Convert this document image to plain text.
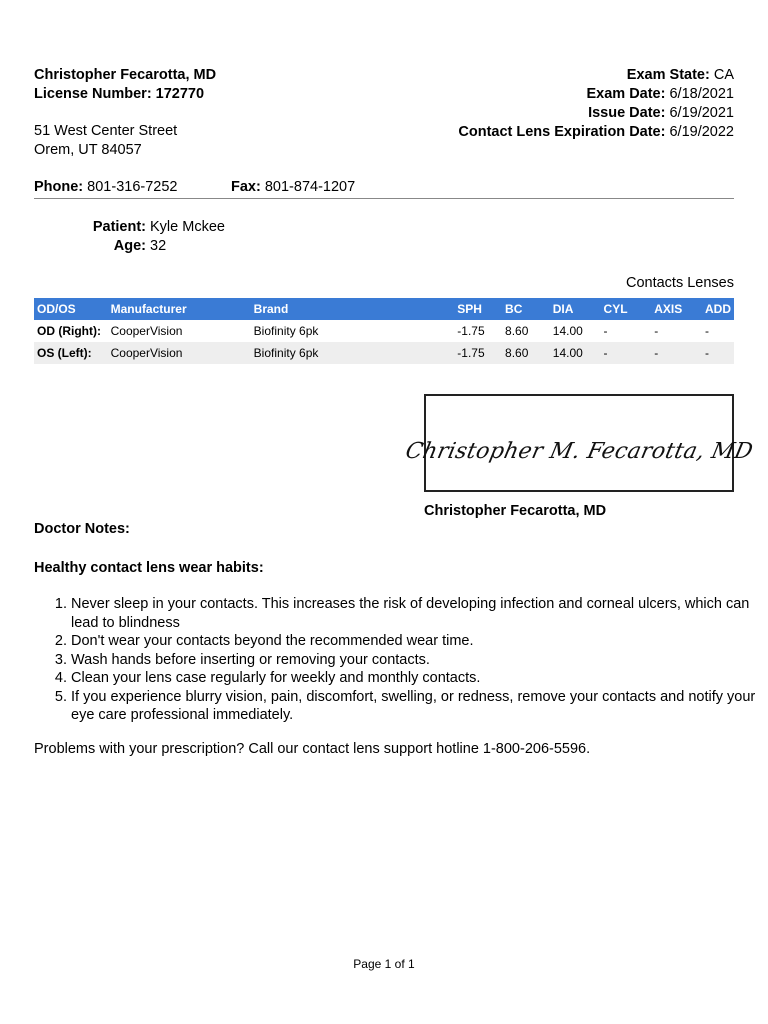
Christopher Fecarotta, MD
License Number: 172770
Exam State: CA
Exam Date: 6/18/2021
Issue Date: 6/19/2021
Contact Lens Expiration Date: 6/19/2022
51 West Center Street
Orem, UT 84057
Phone: 801-316-7252	Fax: 801-874-1207
Patient: Kyle Mckee
Age: 32
Contacts Lenses
OD/OS	Manufacturer	Brand	SPH	BC	DIA	CYL	AXIS	ADD
OD (Right):	CooperVision	Biofinity 6pk	-1.75	8.60	14.00	-	-	-
OS (Left):	CooperVision	Biofinity 6pk	-1.75	8.60	14.00	-	-	-
Christopher M. Fecarotta, MD
Christopher Fecarotta, MD
Doctor Notes:
Healthy contact lens wear habits:
1. Never sleep in your contacts. This increases the risk of developing infection and corneal ulcers, which can lead to blindness
2. Don't wear your contacts beyond the recommended wear time.
3. Wash hands before inserting or removing your contacts.
4. Clean your lens case regularly for weekly and monthly contacts.
5. If you experience blurry vision, pain, discomfort, swelling, or redness, remove your contacts and notify your eye care professional immediately.
Problems with your prescription? Call our contact lens support hotline 1-800-206-5596.
Page 1 of 1
